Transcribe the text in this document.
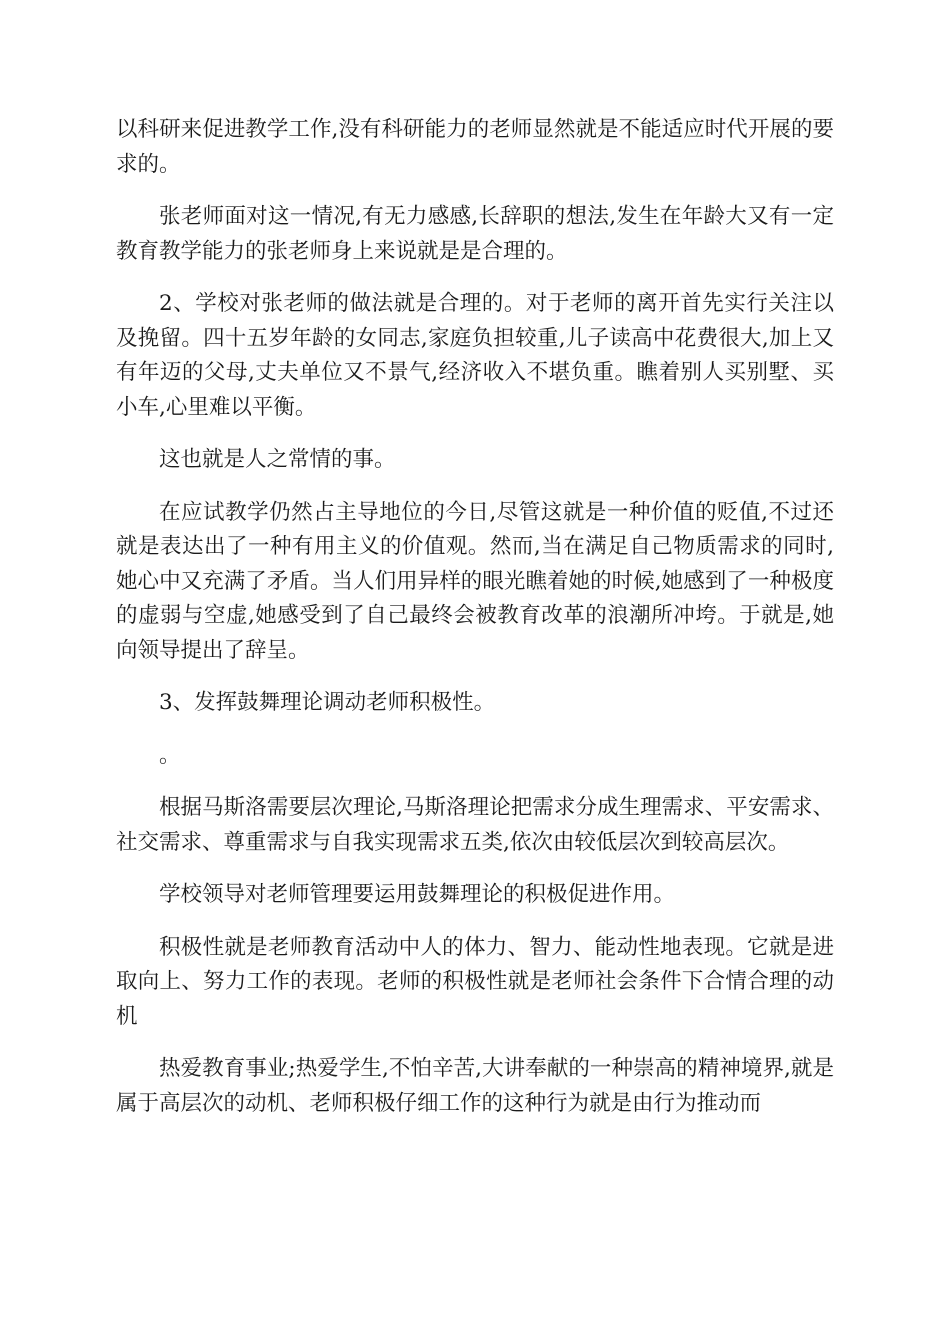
以科研来促进教学工作,没有科研能力的老师显然就是不能适应时代开展的要求的。

张老师面对这一情况,有无力感感,长辞职的想法,发生在年龄大又有一定教育教学能力的张老师身上来说就是是合理的。

2、学校对张老师的做法就是合理的。对于老师的离开首先实行关注以及挽留。四十五岁年龄的女同志,家庭负担较重,儿子读高中花费很大,加上又有年迈的父母,丈夫单位又不景气,经济收入不堪负重。瞧着别人买别墅、买小车,心里难以平衡。

这也就是人之常情的事。

在应试教学仍然占主导地位的今日,尽管这就是一种价值的贬值,不过还就是表达出了一种有用主义的价值观。然而,当在满足自己物质需求的同时,她心中又充满了矛盾。当人们用异样的眼光瞧着她的时候,她感到了一种极度的虚弱与空虚,她感受到了自己最终会被教育改革的浪潮所冲垮。于就是,她向领导提出了辞呈。

3、发挥鼓舞理论调动老师积极性。

。

根据马斯洛需要层次理论,马斯洛理论把需求分成生理需求、平安需求、社交需求、尊重需求与自我实现需求五类,依次由较低层次到较高层次。

学校领导对老师管理要运用鼓舞理论的积极促进作用。

积极性就是老师教育活动中人的体力、智力、能动性地表现。它就是进取向上、努力工作的表现。老师的积极性就是老师社会条件下合情合理的动机

热爱教育事业;热爱学生,不怕辛苦,大讲奉献的一种崇高的精神境界,就是属于高层次的动机、老师积极仔细工作的这种行为就是由行为推动而
